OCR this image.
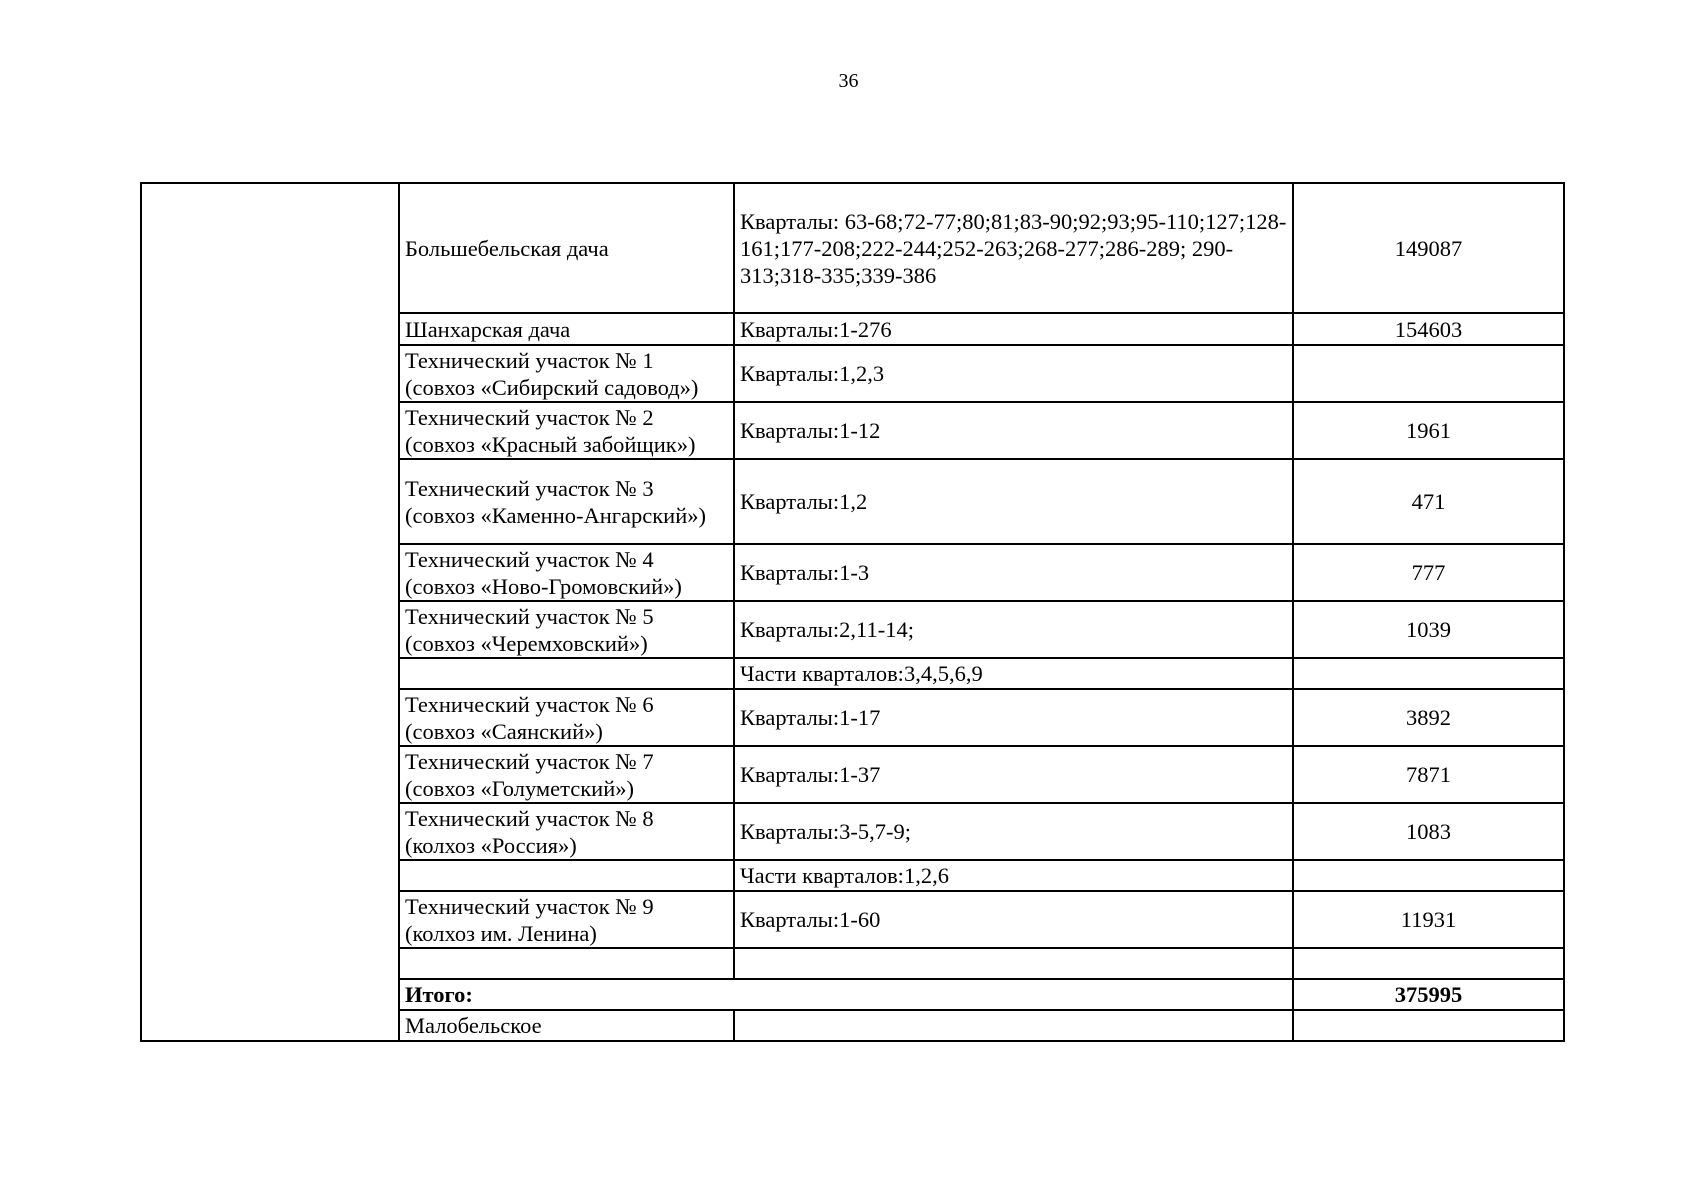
36
	Большебельская дача	Кварталы: 63-68;72-77;80;81;83-90;92;93;95-110;127;128-161;177-208;222-244;252-263;268-277;286-289; 290-313;318-335;339-386	149087
	Шанхарская дача	Кварталы:1-276	154603
	Технический участок № 1 (совхоз «Сибирский садовод»)	Кварталы:1,2,3	
	Технический участок № 2 (совхоз «Красный забойщик»)	Кварталы:1-12	1961
	Технический участок № 3 (совхоз «Каменно-Ангарский»)	Кварталы:1,2	471
	Технический участок № 4 (совхоз «Ново-Громовский»)	Кварталы:1-3	777
	Технический участок № 5 (совхоз «Черемховский»)	Кварталы:2,11-14;	1039
		Части кварталов:3,4,5,6,9	
	Технический участок № 6 (совхоз «Саянский»)	Кварталы:1-17	3892
	Технический участок № 7 (совхоз «Голуметский»)	Кварталы:1-37	7871
	Технический участок № 8 (колхоз «Россия»)	Кварталы:3-5,7-9;	1083
		Части кварталов:1,2,6	
	Технический участок № 9 (колхоз им. Ленина)	Кварталы:1-60	11931

	Итого:		375995
	Малобельское		
